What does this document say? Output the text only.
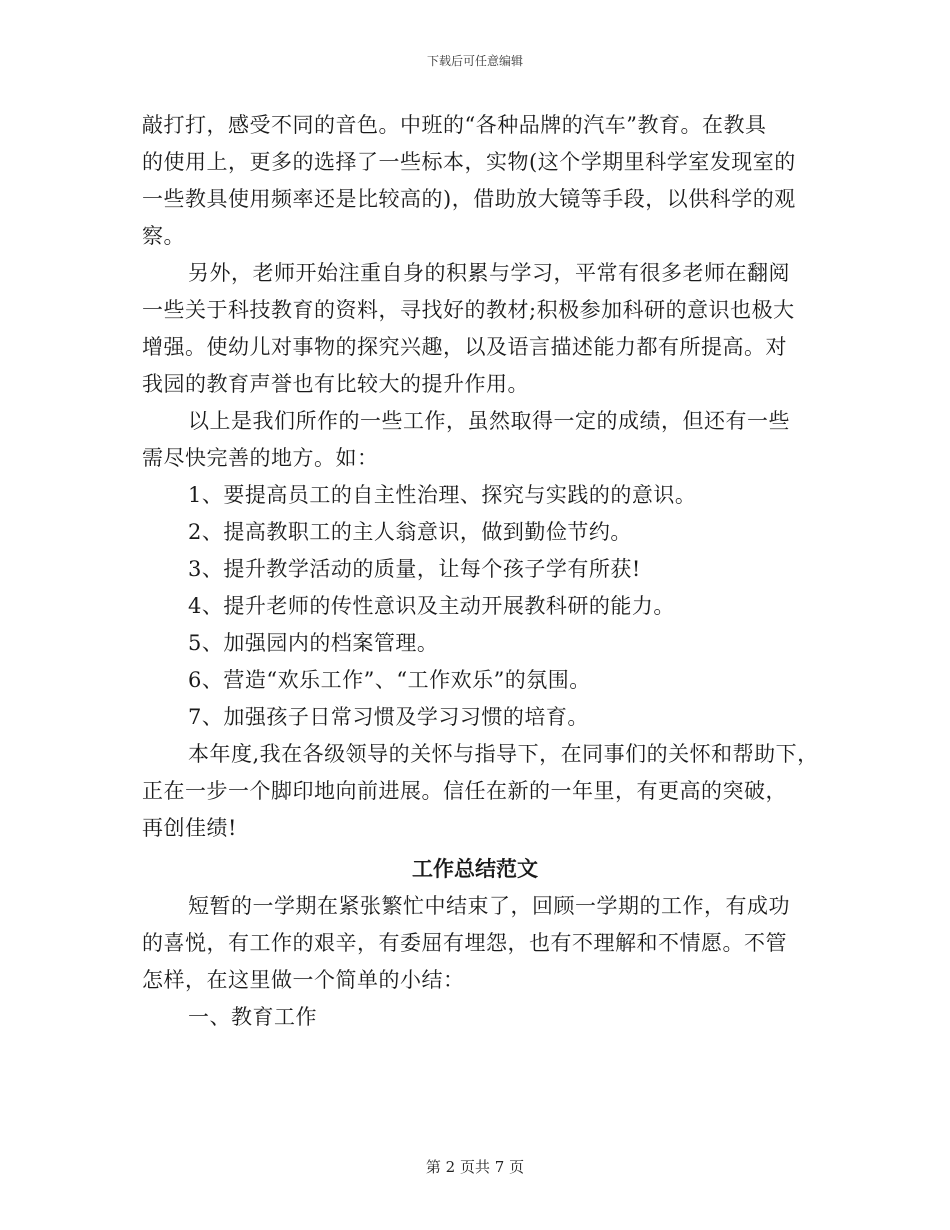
下载后可任意编辑
敲打打，感受不同的音色。中班的“各种品牌的汽车”教育。在教具
的使用上，更多的选择了一些标本，实物(这个学期里科学室发现室的
一些教具使用频率还是比较高的)，借助放大镜等手段，以供科学的观
察。
另外，老师开始注重自身的积累与学习，平常有很多老师在翻阅
一些关于科技教育的资料，寻找好的教材;积极参加科研的意识也极大
增强。使幼儿对事物的探究兴趣，以及语言描述能力都有所提高。对
我园的教育声誉也有比较大的提升作用。
以上是我们所作的一些工作，虽然取得一定的成绩，但还有一些
需尽快完善的地方。如：
1、要提高员工的自主性治理、探究与实践的的意识。
2、提高教职工的主人翁意识，做到勤俭节约。
3、提升教学活动的质量，让每个孩子学有所获!
4、提升老师的传性意识及主动开展教科研的能力。
5、加强园内的档案管理。
6、营造“欢乐工作”、“工作欢乐”的氛围。
7、加强孩子日常习惯及学习习惯的培育。
本年度,我在各级领导的关怀与指导下，在同事们的关怀和帮助下，
正在一步一个脚印地向前进展。信任在新的一年里，有更高的突破，
再创佳绩!
工作总结范文
短暂的一学期在紧张繁忙中结束了，回顾一学期的工作，有成功
的喜悦，有工作的艰辛，有委屈有埋怨，也有不理解和不情愿。不管
怎样，在这里做一个简单的小结：
一、教育工作
第 2 页共 7 页
